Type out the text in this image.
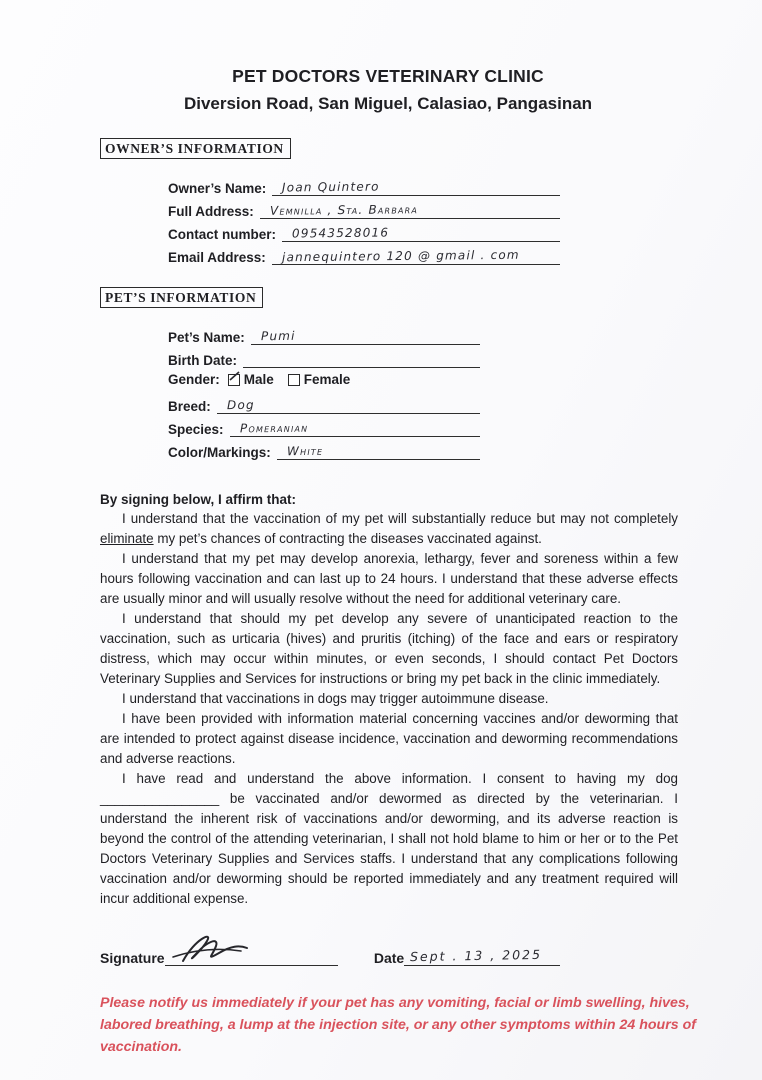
PET DOCTORS VETERINARY CLINIC
Diversion Road, San Miguel, Calasiao, Pangasinan
OWNER’S INFORMATION
Owner’s Name:	Joan Quintero
Full Address:	Vemnilla , Sta. Barbara
Contact number:	09543528016
Email Address:	jannequintero 120 @ gmail . com
PET’S INFORMATION
Pet’s Name:	Pumi
Birth Date:
Gender: Male Female
Breed:	Dog
Species:	Pomeranian
Color/Markings:	White
By signing below, I affirm that:

I understand that the vaccination of my pet will substantially reduce but may not completely eliminate my pet’s chances of contracting the diseases vaccinated against.

I understand that my pet may develop anorexia, lethargy, fever and soreness within a few hours following vaccination and can last up to 24 hours. I understand that these adverse effects are usually minor and will usually resolve without the need for additional veterinary care.

I understand that should my pet develop any severe of unanticipated reaction to the vaccination, such as urticaria (hives) and pruritis (itching) of the face and ears or respiratory distress, which may occur within minutes, or even seconds, I should contact Pet Doctors Veterinary Supplies and Services for instructions or bring my pet back in the clinic immediately.

I understand that vaccinations in dogs may trigger autoimmune disease.

I have been provided with information material concerning vaccines and/or deworming that are intended to protect against disease incidence, vaccination and deworming recommendations and adverse reactions.

I have read and understand the above information. I consent to having my dog ________________ be vaccinated and/or dewormed as directed by the veterinarian. I understand the inherent risk of vaccinations and/or deworming, and its adverse reaction is beyond the control of the attending veterinarian, I shall not hold blame to him or her or to the Pet Doctors Veterinary Supplies and Services staffs. I understand that any complications following vaccination and/or deworming should be reported immediately and any treatment required will incur additional expense.

Signature	Date Sept . 13 , 2025
Please notify us immediately if your pet has any vomiting, facial or limb swelling, hives, labored breathing, a lump at the injection site, or any other symptoms within 24 hours of vaccination.
